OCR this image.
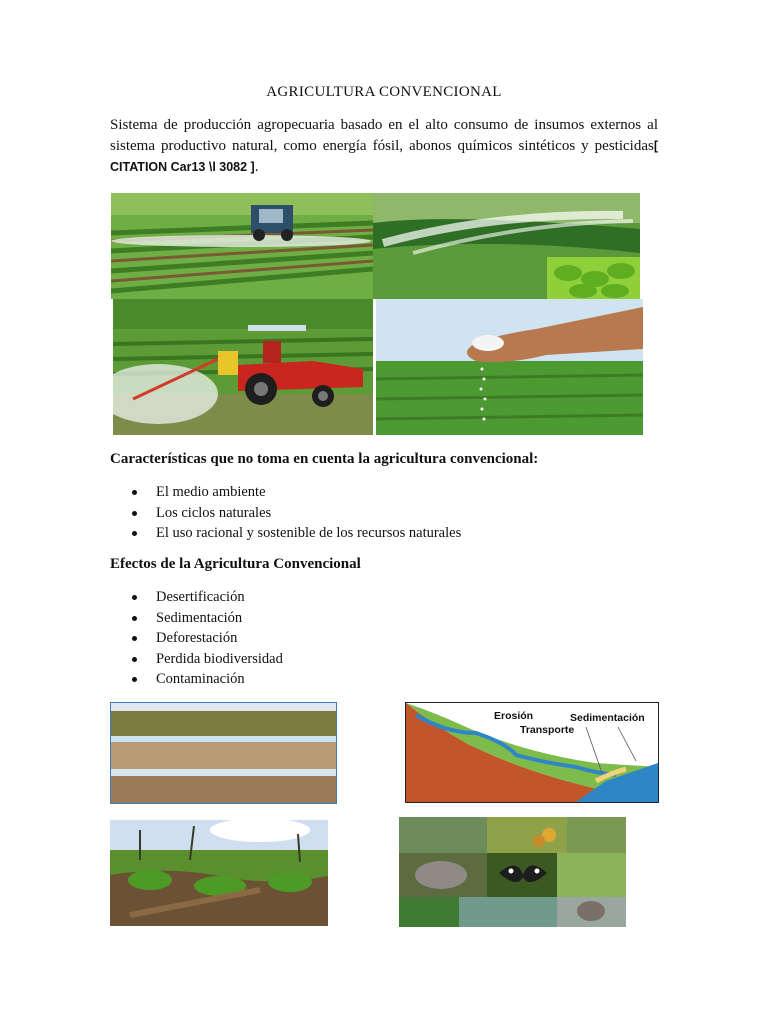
AGRICULTURA CONVENCIONAL

Sistema de producción agropecuaria basado en el alto consumo de insumos externos al sistema productivo natural, como energía fósil, abonos químicos sintéticos y pesticidas[ CITATION Car13 \l 3082 ].

Características que no toma en cuenta la agricultura convencional:

El medio ambiente
Los ciclos naturales
El uso racional y sostenible de los recursos naturales

Efectos de la Agricultura Convencional

Desertificación
Sedimentación
Deforestación
Perdida biodiversidad
Contaminación
Erosión
Transporte
Sedimentación
